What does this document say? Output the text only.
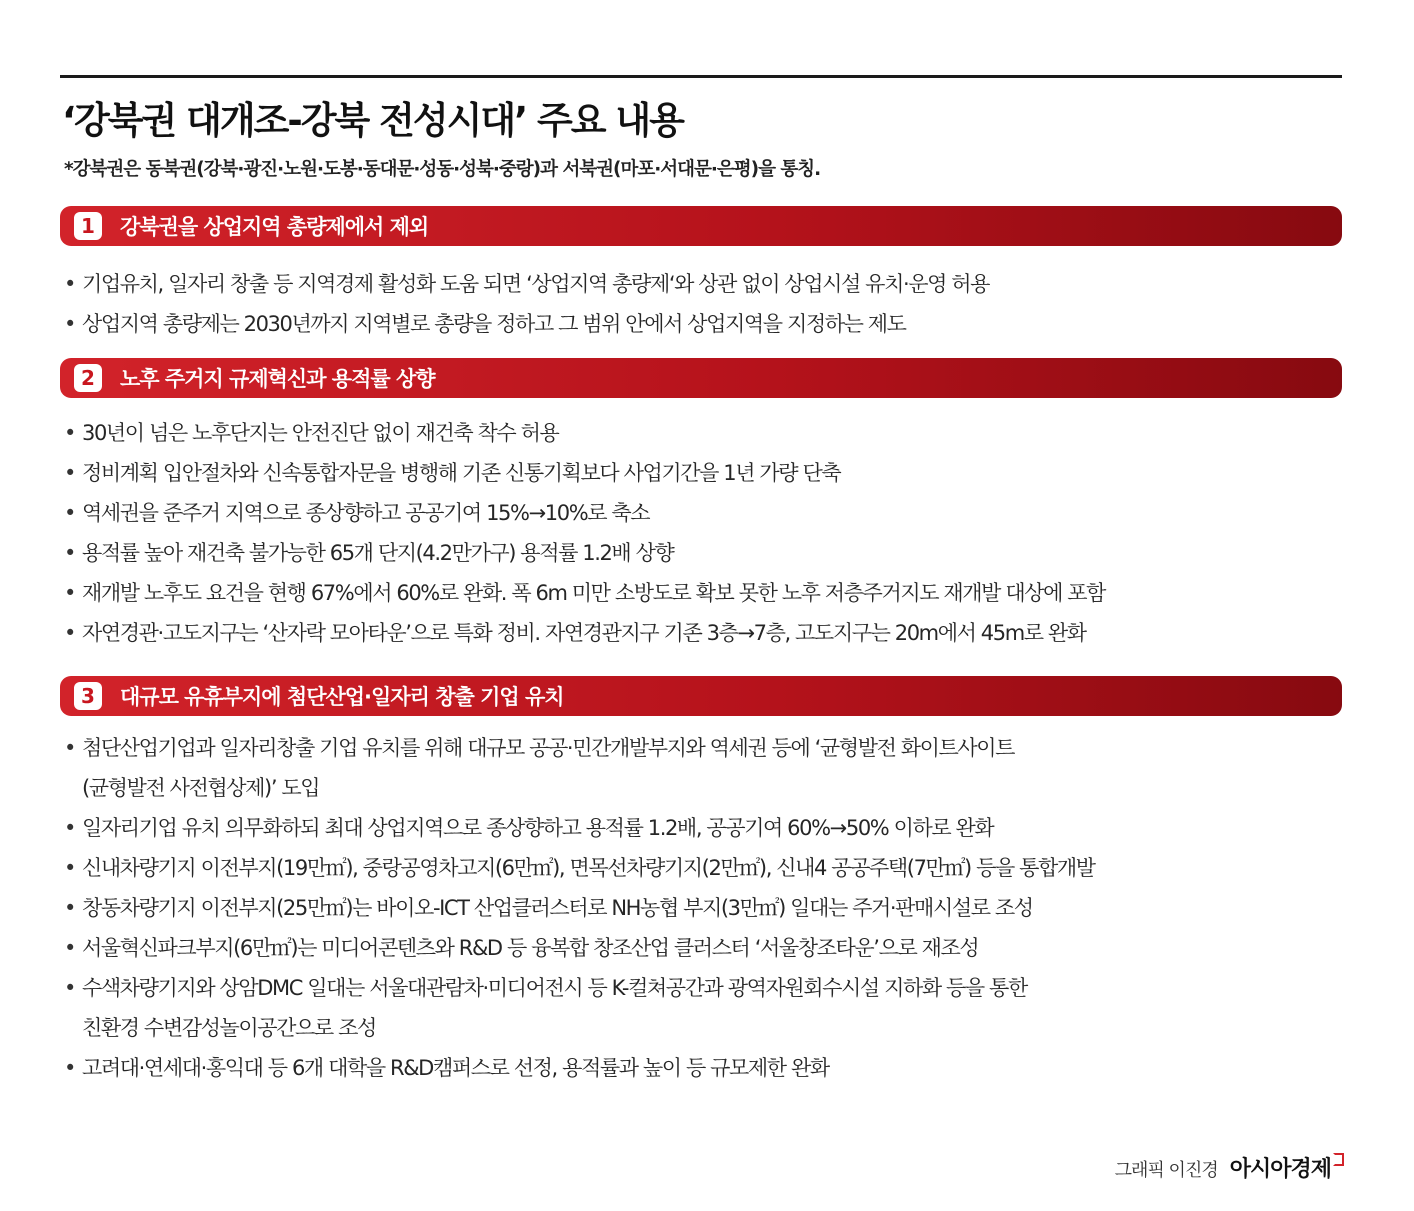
‘강북권 대개조-강북 전성시대’ 주요 내용
*강북권은 동북권(강북·광진·노원·도봉·동대문·성동·성북·중랑)과 서북권(마포·서대문·은평)을 통칭.
1	강북권을 상업지역 총량제에서 제외
• 기업유치, 일자리 창출 등 지역경제 활성화 도움 되면 ‘상업지역 총량제‘와 상관 없이 상업시설 유치·운영 허용
• 상업지역 총량제는 2030년까지 지역별로 총량을 정하고 그 범위 안에서 상업지역을 지정하는 제도
2	노후 주거지 규제혁신과 용적률 상향
• 30년이 넘은 노후단지는 안전진단 없이 재건축 착수 허용
• 정비계획 입안절차와 신속통합자문을 병행해 기존 신통기획보다 사업기간을 1년 가량 단축
• 역세권을 준주거 지역으로 종상향하고 공공기여 15%→10%로 축소
• 용적률 높아 재건축 불가능한 65개 단지(4.2만가구) 용적률 1.2배 상향
• 재개발 노후도 요건을 현행 67%에서 60%로 완화. 폭 6m 미만 소방도로 확보 못한 노후 저층주거지도 재개발 대상에 포함
• 자연경관·고도지구는 ‘산자락 모아타운’으로 특화 정비. 자연경관지구 기존 3층→7층, 고도지구는 20m에서 45m로 완화
3	대규모 유휴부지에 첨단산업·일자리 창출 기업 유치
• 첨단산업기업과 일자리창출 기업 유치를 위해 대규모 공공·민간개발부지와 역세권 등에 ‘균형발전 화이트사이트
(균형발전 사전협상제)’ 도입
• 일자리기업 유치 의무화하되 최대 상업지역으로 종상향하고 용적률 1.2배, 공공기여 60%→50% 이하로 완화
• 신내차량기지 이전부지(19만㎡), 중랑공영차고지(6만㎡), 면목선차량기지(2만㎡), 신내4 공공주택(7만㎡) 등을 통합개발
• 창동차량기지 이전부지(25만㎡)는 바이오-ICT 산업클러스터로 NH농협 부지(3만㎡) 일대는 주거·판매시설로 조성
• 서울혁신파크부지(6만㎡)는 미디어콘텐츠와 R&D 등 융복합 창조산업 클러스터 ‘서울창조타운’으로 재조성
• 수색차량기지와 상암DMC 일대는 서울대관람차·미디어전시 등 K-컬쳐공간과 광역자원회수시설 지하화 등을 통한
친환경 수변감성놀이공간으로 조성
• 고려대·연세대·홍익대 등 6개 대학을 R&D캠퍼스로 선정, 용적률과 높이 등 규모제한 완화
그래픽 이진경 아시아경제
